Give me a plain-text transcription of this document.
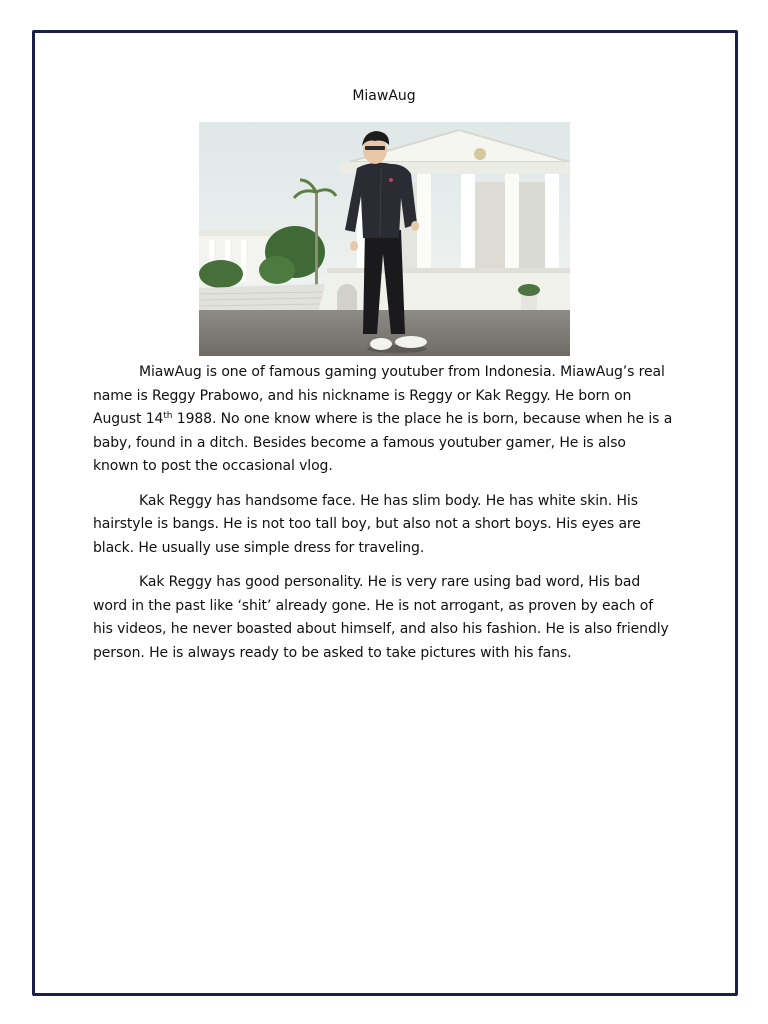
MiawAug

MiawAug is one of famous gaming youtuber from Indonesia. MiawAug’s real name is Reggy Prabowo, and his nickname is Reggy or Kak Reggy. He born on August 14th 1988. No one know where is the place he is born, because when he is a baby, found in a ditch. Besides become a famous youtuber gamer, He is also known to post the occasional vlog.

Kak Reggy has handsome face. He has slim body. He has white skin. His hairstyle is bangs. He is not too tall boy, but also not a short boys. His eyes are black. He usually use simple dress for traveling.

Kak Reggy has good personality. He is very rare using bad word, His bad word in the past like ‘shit’ already gone. He is not arrogant, as proven by each of his videos, he never boasted about himself, and also his fashion. He is also friendly person. He is always ready to be asked to take pictures with his fans.
